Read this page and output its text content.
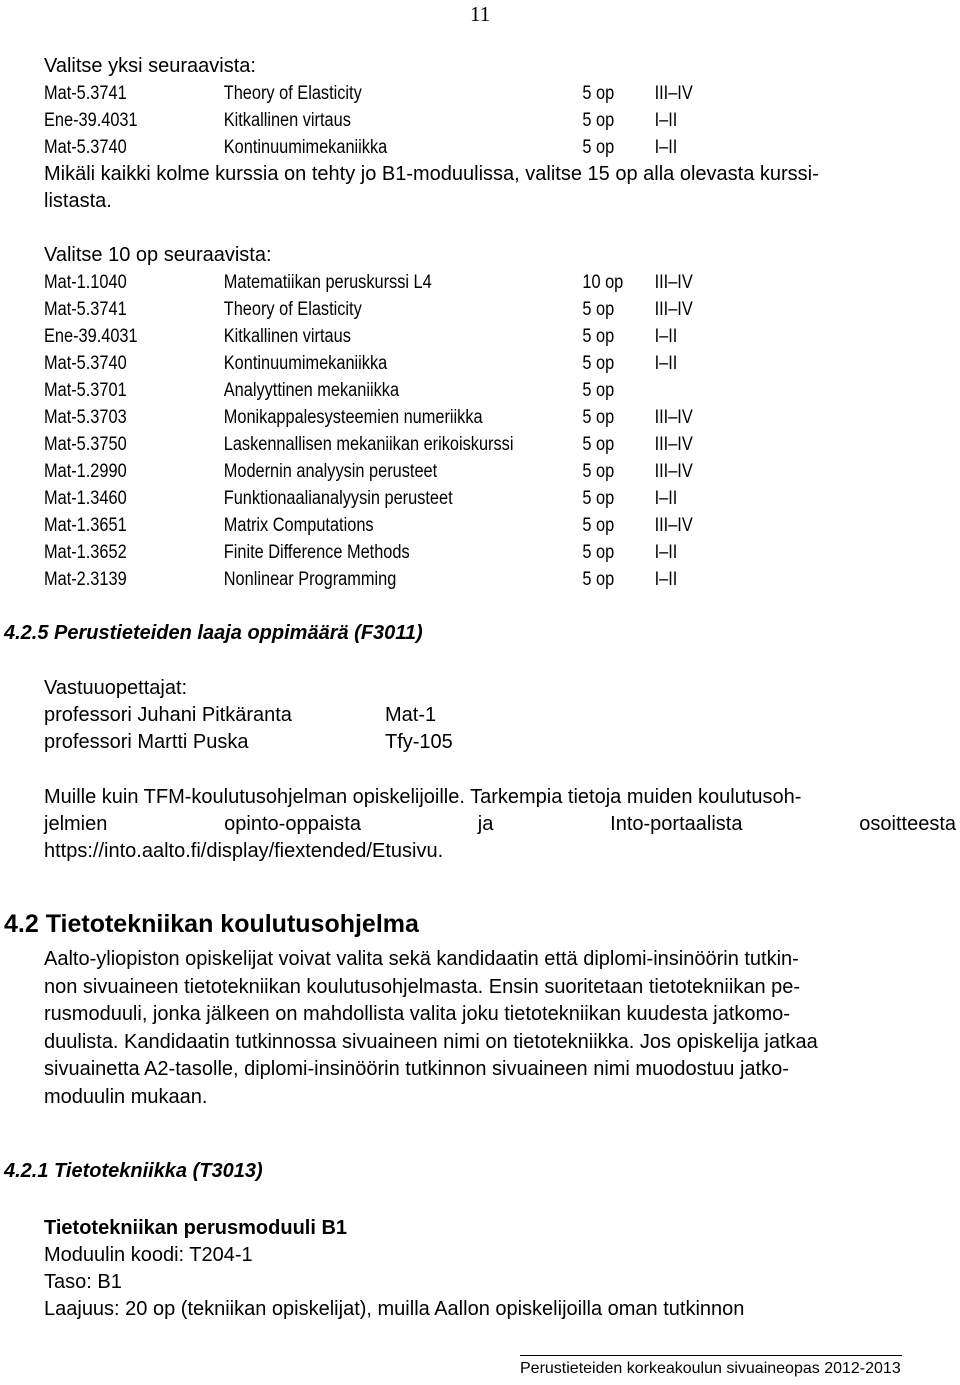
11
Valitse yksi seuraavista:
Mat-5.3741	Theory of Elasticity	5 op III–IV
Ene-39.4031	Kitkallinen virtaus	5 op I–II
Mat-5.3740	Kontinuumimekaniikka	5 op I–II
Mikäli kaikki kolme kurssia on tehty jo B1-moduulissa, valitse 15 op alla olevasta kurssi-
listasta.
Valitse 10 op seuraavista:
Mat-1.1040	Matematiikan peruskurssi L4	10 op III–IV
Mat-5.3741	Theory of Elasticity	5 op III–IV
Ene-39.4031	Kitkallinen virtaus	5 op I–II
Mat-5.3740	Kontinuumimekaniikka	5 op I–II
Mat-5.3701	Analyyttinen mekaniikka	5 op
Mat-5.3703	Monikappalesysteemien numeriikka	5 op III–IV
Mat-5.3750	Laskennallisen mekaniikan erikoiskurssi	5 op III–IV
Mat-1.2990	Modernin analyysin perusteet	5 op III–IV
Mat-1.3460	Funktionaalianalyysin perusteet	5 op I–II
Mat-1.3651	Matrix Computations	5 op III–IV
Mat-1.3652	Finite Difference Methods	5 op I–II
Mat-2.3139	Nonlinear Programming	5 op I–II
4.2.5 Perustieteiden laaja oppimäärä (F3011)
Vastuuopettajat:
professori Juhani Pitkäranta	Mat-1
professori Martti Puska	Tfy-105
Muille kuin TFM-koulutusohjelman opiskelijoille. Tarkempia tietoja muiden koulutusoh-
jelmien	opinto-oppaista	ja	Into-portaalista	osoitteesta
https://into.aalto.fi/display/fiextended/Etusivu.
4.2 Tietotekniikan koulutusohjelma
Aalto-yliopiston opiskelijat voivat valita sekä kandidaatin että diplomi-insinöörin tutkin-
non sivuaineen tietotekniikan koulutusohjelmasta. Ensin suoritetaan tietotekniikan pe-
rusmoduuli, jonka jälkeen on mahdollista valita joku tietotekniikan kuudesta jatkomo-
duulista. Kandidaatin tutkinnossa sivuaineen nimi on tietotekniikka. Jos opiskelija jatkaa
sivuainetta A2-tasolle, diplomi-insinöörin tutkinnon sivuaineen nimi muodostuu jatko-
moduulin mukaan.
4.2.1 Tietotekniikka (T3013)
Tietotekniikan perusmoduuli B1
Moduulin koodi: T204-1
Taso: B1
Laajuus: 20 op (tekniikan opiskelijat), muilla Aallon opiskelijoilla oman tutkinnon
Perustieteiden korkeakoulun sivuaineopas 2012-2013
